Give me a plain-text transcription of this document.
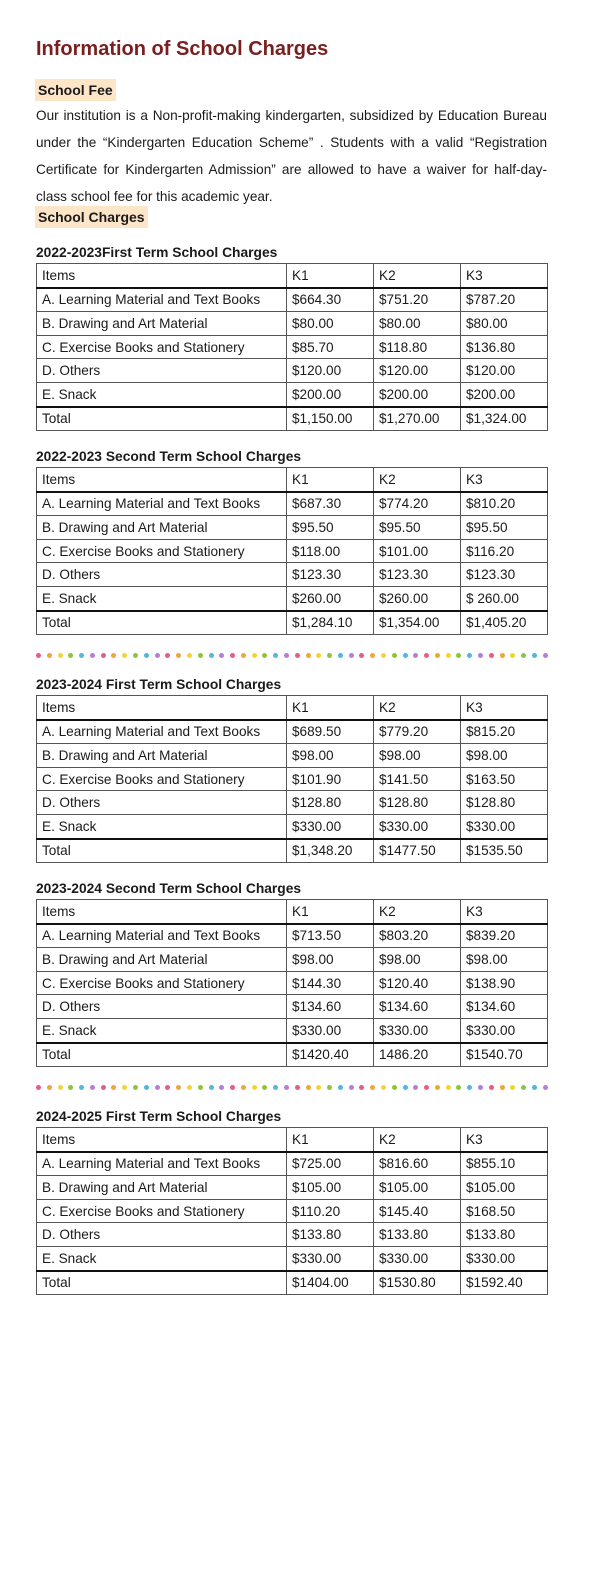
Information of School Charges
School Fee

Our institution is a Non-profit-making kindergarten, subsidized by Education Bureau under the “Kindergarten Education Scheme” . Students with a valid “Registration Certificate for Kindergarten Admission” are allowed to have a waiver for half-day-class school fee for this academic year.

School Charges
2022-2023First Term School Charges
Items	K1	K2	K3
A. Learning Material and Text Books	$664.30	$751.20	$787.20
B. Drawing and Art Material	$80.00	$80.00	$80.00
C. Exercise Books and Stationery	$85.70	$118.80	$136.80
D. Others	$120.00	$120.00	$120.00
E. Snack	$200.00	$200.00	$200.00
Total	$1,150.00	$1,270.00	$1,324.00
2022-2023 Second Term School Charges
Items	K1	K2	K3
A. Learning Material and Text Books	$687.30	$774.20	$810.20
B. Drawing and Art Material	$95.50	$95.50	$95.50
C. Exercise Books and Stationery	$118.00	$101.00	$116.20
D. Others	$123.30	$123.30	$123.30
E. Snack	$260.00	$260.00	$ 260.00
Total	$1,284.10	$1,354.00	$1,405.20
2023-2024 First Term School Charges
Items	K1	K2	K3
A. Learning Material and Text Books	$689.50	$779.20	$815.20
B. Drawing and Art Material	$98.00	$98.00	$98.00
C. Exercise Books and Stationery	$101.90	$141.50	$163.50
D. Others	$128.80	$128.80	$128.80
E. Snack	$330.00	$330.00	$330.00
Total	$1,348.20	$1477.50	$1535.50
2023-2024 Second Term School Charges
Items	K1	K2	K3
A. Learning Material and Text Books	$713.50	$803.20	$839.20
B. Drawing and Art Material	$98.00	$98.00	$98.00
C. Exercise Books and Stationery	$144.30	$120.40	$138.90
D. Others	$134.60	$134.60	$134.60
E. Snack	$330.00	$330.00	$330.00
Total	$1420.40	1486.20	$1540.70
2024-2025 First Term School Charges
Items	K1	K2	K3
A. Learning Material and Text Books	$725.00	$816.60	$855.10
B. Drawing and Art Material	$105.00	$105.00	$105.00
C. Exercise Books and Stationery	$110.20	$145.40	$168.50
D. Others	$133.80	$133.80	$133.80
E. Snack	$330.00	$330.00	$330.00
Total	$1404.00	$1530.80	$1592.40
